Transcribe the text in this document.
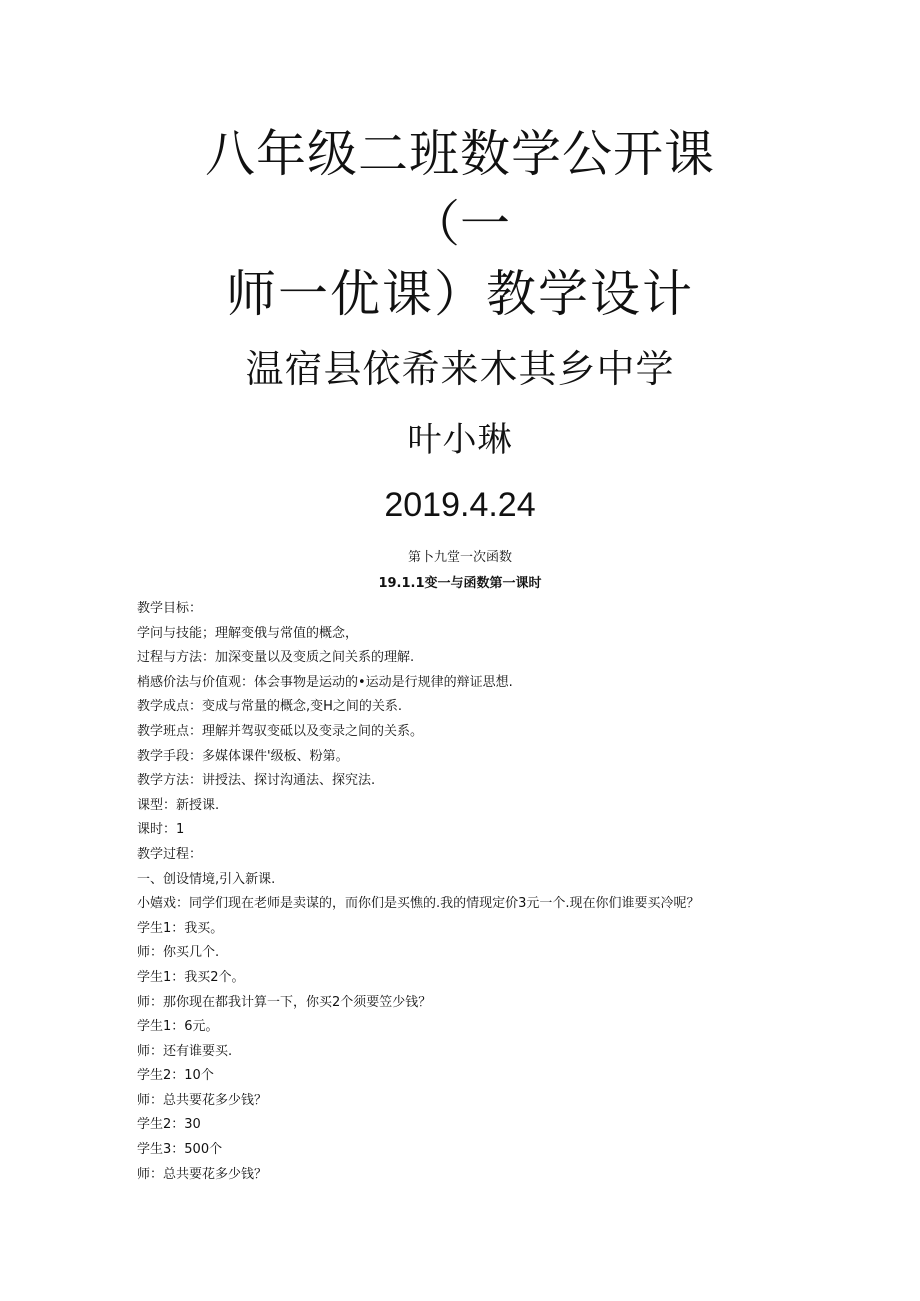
八年级二班数学公开课
（一
师一优课）教学设计
温宿县依希来木其乡中学
叶小琳
2019.4.24
第卜九堂一次函数
19.1.1变一与函数第一课时
教学目标：
学问与技能；理解变俄与常值的概念，
过程与方法：加深变量以及变质之间关系的理解.
梢感价法与价值观：体会事物是运动的•运动是行规律的辩证思想.
教学成点：变成与常量的概念,变H之间的关系.
教学班点：理解并驾驭变砥以及变录之间的关系。
教学手段：多媒体课件'级板、粉第。
教学方法：讲授法、探讨沟通法、探究法.
课型：新授课.
课时：1
教学过程：
一、创设情境,引入新课.
小嬉戏：同学们现在老师是卖谋的，而你们是买憔的.我的情现定价3元一个.现在你们谁要买冷呢？
学生1：我买。
师：你买几个.
学生1：我买2个。
师：那你现在都我计算一下，你买2个须要笠少钱？
学生1：6元。
师：还有谁要买.
学生2：10个
师：总共要花多少钱？
学生2：30
学生3：500个
师：总共要花多少钱？
